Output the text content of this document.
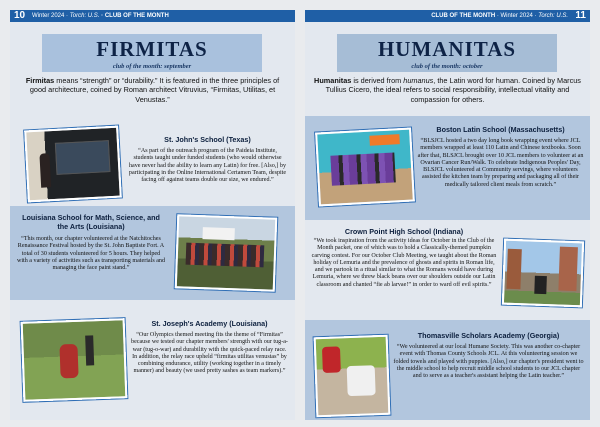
Winter 2024 · Torch: U.S. · CLUB OF THE MONTH
10
FIRMITAS
club of the month: september
Firmitas means “strength” or “durability.” It is featured in the three principles of good architecture, coined by Roman architect Vitruvius, “Firmitas, Utilitas, et Venustas.”
St. John's School (Texas)
“As part of the outreach program of the Paideia Institute, students taught under funded students (who would otherwise have never had the ability to learn any Latin) for free. [Also,] by participating in the Online International Certamen Team, despite facing off against teams double our size, we endured.”
Louisiana School for Math, Science, and the Arts (Louisiana)
“This month, our chapter volunteered at the Natchitoches Renaissance Festival hosted by the St. John Baptiste Fort. A total of 30 students volunteered for 5 hours. They helped with a variety of activities such as transporting materials and managing the face paint stand.”
St. Joseph's Academy (Louisiana)
“Our Olympics themed meeting fits the theme of “Firmitas” because we tested our chapter members' strength with our tug-a-war (tug-o-war) and durability with the quick-paced relay race. In addition, the relay race upheld “firmitas utilitas venustas” by combining endurance, utility (working together in a timely manner) and beauty (we used pretty sashes as team markers).”
CLUB OF THE MONTH · Winter 2024 · Torch: U.S. 11
HUMANITAS
club of the month: october
Humanitas is derived from humanus, the Latin word for human. Coined by Marcus Tullius Cicero, the ideal refers to social responsibility, intellectual vitality and compassion for others.
Boston Latin School (Massachusetts)
“BLSJCL hosted a two day long book wrapping event where JCL members wrapped at least 110 Latin and Chinese textbooks. Soon after that, BLSJCL brought over 10 JCL members to volunteer at an Ovarian Cancer Run/Walk. To celebrate Indigenous Peoples' Day, BLSJCL volunteered at Community servings, where volunteers assisted the kitchen team by preparing and packaging all of their medically tailored client meals from scratch.”
Crown Point High School (Indiana)
“We took inspiration from the activity ideas for October in the Club of the Month packet, one of which was to hold a Classically-themed pumpkin carving contest. For our October Club Meeting, we taught about the Roman holiday of Lemuria and the prevalence of ghosts and spirits in Roman life, and we partook in a ritual similar to what the Romans would have during Lemuria, where we threw black beans over our shoulders outside our Latin classroom and chanted “fie ab larvae!” in order to ward off evil spirits.”
Thomasville Scholars Academy (Georgia)
“We volunteered at our local Humane Society. This was another co-chapter event with Thomas County Schools JCL. At this volunteering session we folded towels and played with puppies. [Also,] our chapter's president went to the middle school to help recruit middle school students to our JCL chapter and to serve as a teacher's assistant helping the Latin teacher.”
